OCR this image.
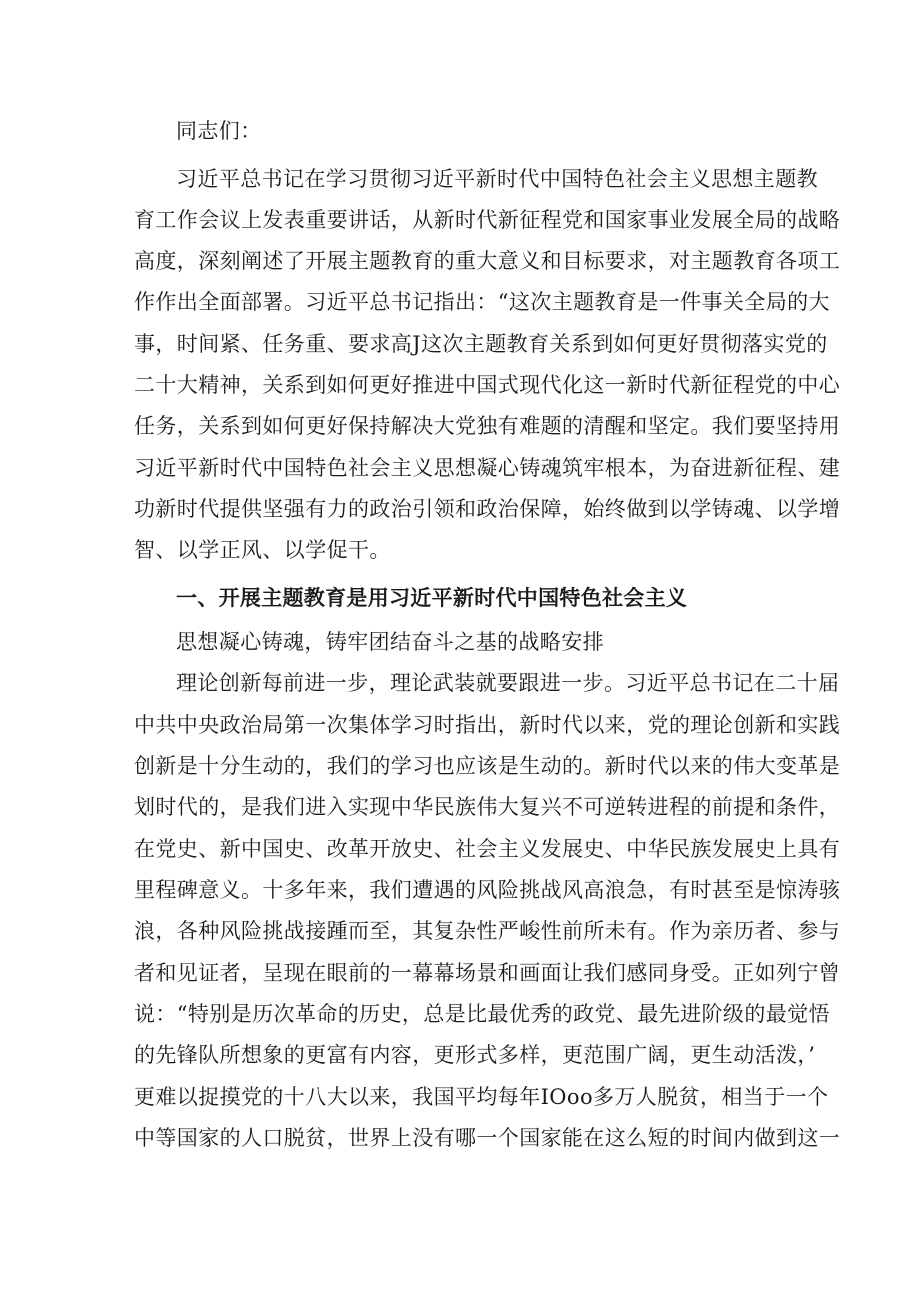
同志们：
习近平总书记在学习贯彻习近平新时代中国特色社会主义思想主题教
育工作会议上发表重要讲话，从新时代新征程党和国家事业发展全局的战略
高度，深刻阐述了开展主题教育的重大意义和目标要求，对主题教育各项工
作作出全面部署。习近平总书记指出：“这次主题教育是一件事关全局的大
事，时间紧、任务重、要求高J这次主题教育关系到如何更好贯彻落实党的
二十大精神，关系到如何更好推进中国式现代化这一新时代新征程党的中心
任务，关系到如何更好保持解决大党独有难题的清醒和坚定。我们要坚持用
习近平新时代中国特色社会主义思想凝心铸魂筑牢根本，为奋进新征程、建
功新时代提供坚强有力的政治引领和政治保障，始终做到以学铸魂、以学增
智、以学正风、以学促干。
一、开展主题教育是用习近平新时代中国特色社会主义
思想凝心铸魂，铸牢团结奋斗之基的战略安排
理论创新每前进一步，理论武装就要跟进一步。习近平总书记在二十届
中共中央政治局第一次集体学习时指出，新时代以来，党的理论创新和实践
创新是十分生动的，我们的学习也应该是生动的。新时代以来的伟大变革是
划时代的，是我们进入实现中华民族伟大复兴不可逆转进程的前提和条件，
在党史、新中国史、改革开放史、社会主义发展史、中华民族发展史上具有
里程碑意义。十多年来，我们遭遇的风险挑战风高浪急，有时甚至是惊涛骇
浪，各种风险挑战接踵而至，其复杂性严峻性前所未有。作为亲历者、参与
者和见证者，呈现在眼前的一幕幕场景和画面让我们感同身受。正如列宁曾
说：“特别是历次革命的历史，总是比最优秀的政党、最先进阶级的最觉悟
的先锋队所想象的更富有内容，更形式多样，更范围广阔，更生动活泼，’
更难以捉摸党的十八大以来，我国平均每年IOoo多万人脱贫，相当于一个
中等国家的人口脱贫，世界上没有哪一个国家能在这么短的时间内做到这一
